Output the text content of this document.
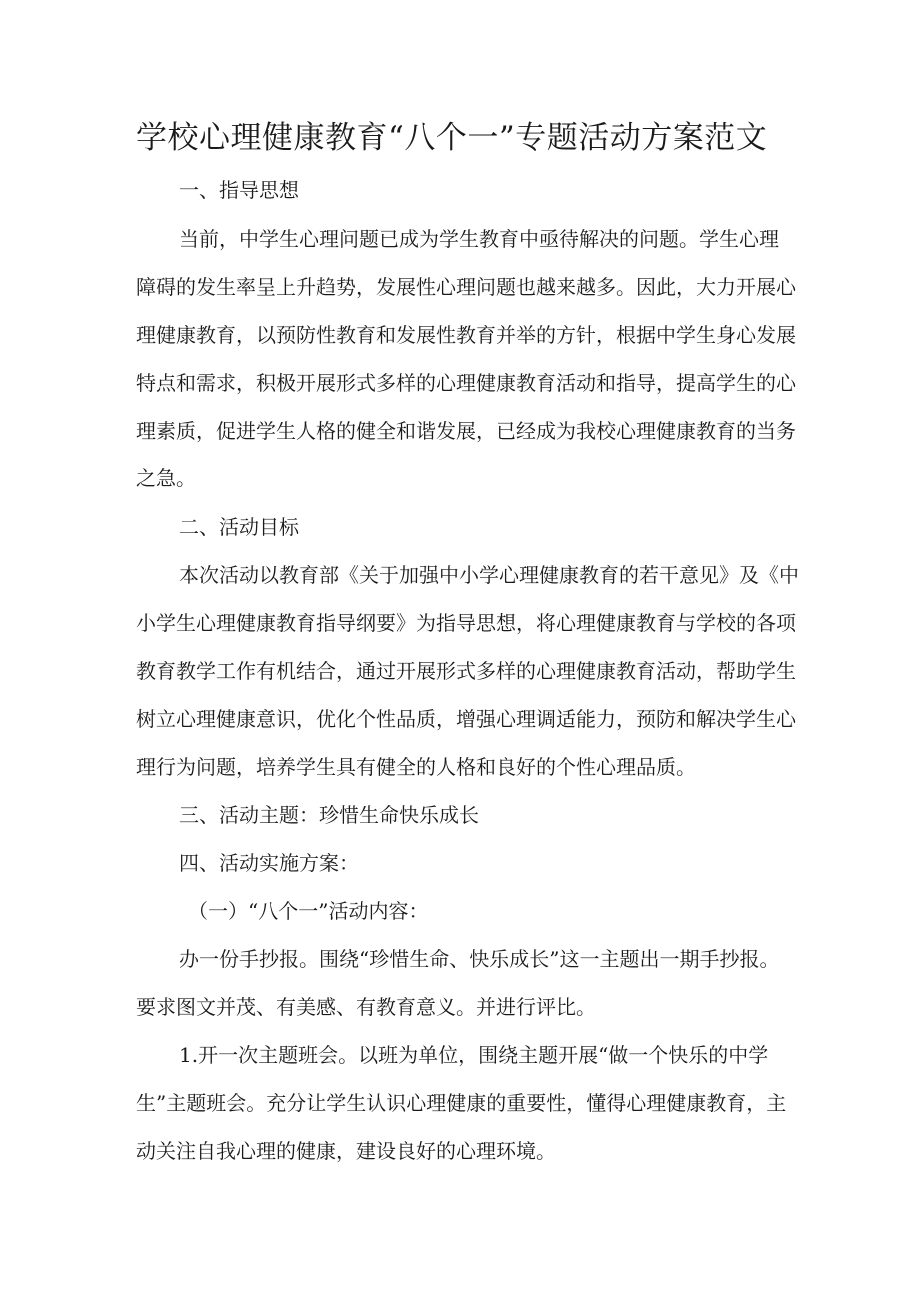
学校心理健康教育“八个一”专题活动方案范文

一、指导思想

当前，中学生心理问题已成为学生教育中亟待解决的问题。学生心理

障碍的发生率呈上升趋势，发展性心理问题也越来越多。因此，大力开展心

理健康教育，以预防性教育和发展性教育并举的方针，根据中学生身心发展

特点和需求，积极开展形式多样的心理健康教育活动和指导，提高学生的心

理素质，促进学生人格的健全和谐发展，已经成为我校心理健康教育的当务

之急。

二、活动目标

本次活动以教育部《关于加强中小学心理健康教育的若干意见》及《中

小学生心理健康教育指导纲要》为指导思想，将心理健康教育与学校的各项

教育教学工作有机结合，通过开展形式多样的心理健康教育活动，帮助学生

树立心理健康意识，优化个性品质，增强心理调适能力，预防和解决学生心

理行为问题，培养学生具有健全的人格和良好的个性心理品质。

三、活动主题：珍惜生命快乐成长

四、活动实施方案：

（一）“八个一”活动内容：

办一份手抄报。围绕“珍惜生命、快乐成长”这一主题出一期手抄报。

要求图文并茂、有美感、有教育意义。并进行评比。

1.开一次主题班会。以班为单位，围绕主题开展“做一个快乐的中学

生”主题班会。充分让学生认识心理健康的重要性，懂得心理健康教育，主

动关注自我心理的健康，建设良好的心理环境。
